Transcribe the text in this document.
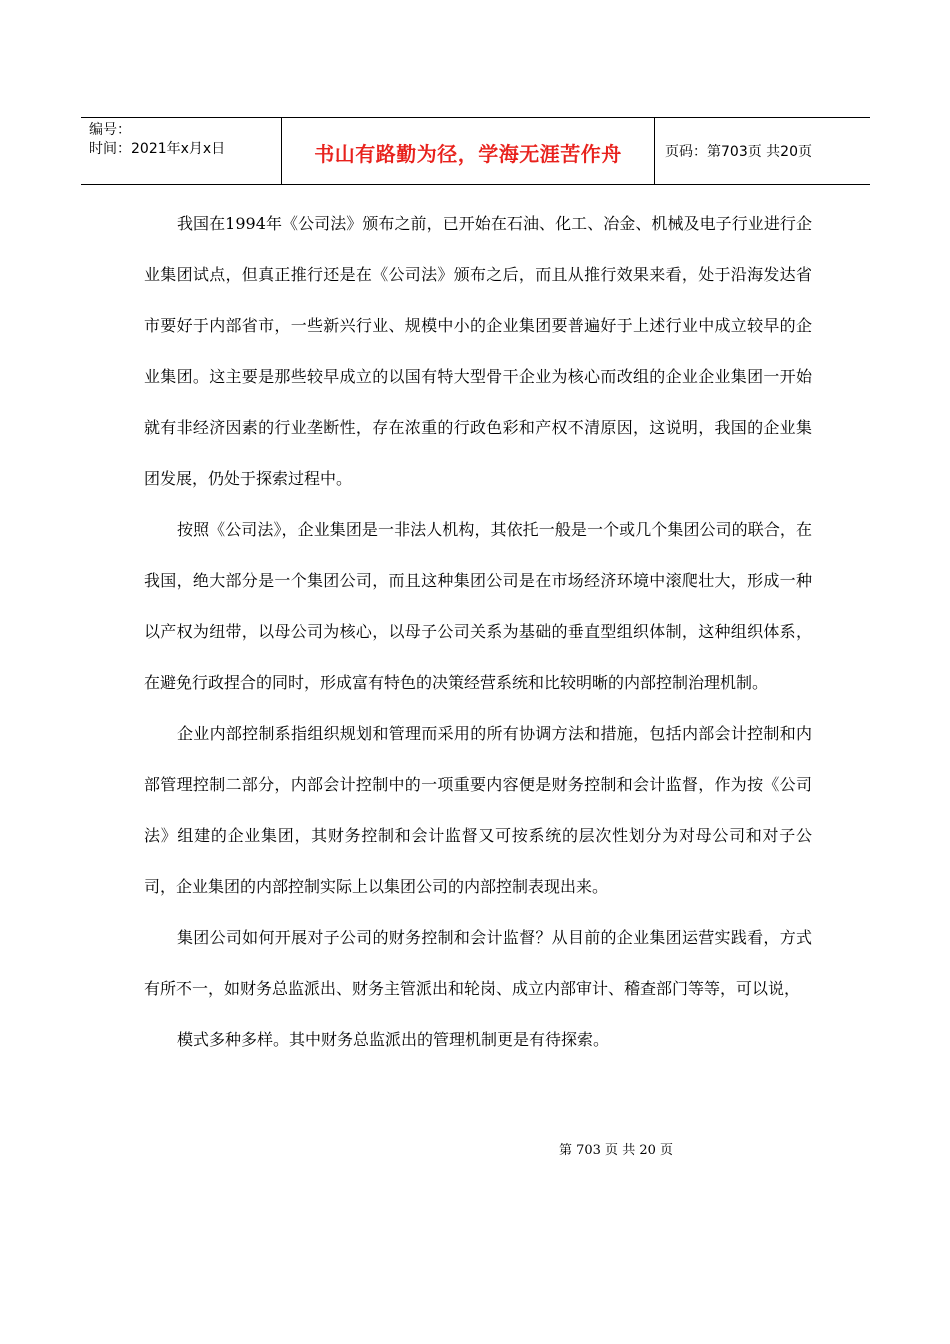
编号：
时间：2021年x月x日	书山有路勤为径，学海无涯苦作舟	页码：第703页 共20页

我国在1994年《公司法》颁布之前，已开始在石油、化工、冶金、机械及电子行业进行企业集团试点，但真正推行还是在《公司法》颁布之后，而且从推行效果来看，处于沿海发达省市要好于内部省市，一些新兴行业、规模中小的企业集团要普遍好于上述行业中成立较早的企业集团。这主要是那些较早成立的以国有特大型骨干企业为核心而改组的企业企业集团一开始就有非经济因素的行业垄断性，存在浓重的行政色彩和产权不清原因，这说明，我国的企业集团发展，仍处于探索过程中。

按照《公司法》，企业集团是一非法人机构，其依托一般是一个或几个集团公司的联合，在我国，绝大部分是一个集团公司，而且这种集团公司是在市场经济环境中滚爬壮大，形成一种以产权为纽带，以母公司为核心，以母子公司关系为基础的垂直型组织体制，这种组织体系，在避免行政捏合的同时，形成富有特色的决策经营系统和比较明晰的内部控制治理机制。

企业内部控制系指组织规划和管理而采用的所有协调方法和措施，包括内部会计控制和内部管理控制二部分，内部会计控制中的一项重要内容便是财务控制和会计监督，作为按《公司法》组建的企业集团，其财务控制和会计监督又可按系统的层次性划分为对母公司和对子公司，企业集团的内部控制实际上以集团公司的内部控制表现出来。

集团公司如何开展对子公司的财务控制和会计监督？从目前的企业集团运营实践看，方式有所不一，如财务总监派出、财务主管派出和轮岗、成立内部审计、稽查部门等等，可以说，

模式多种多样。其中财务总监派出的管理机制更是有待探索。

第 703 页 共 20 页
